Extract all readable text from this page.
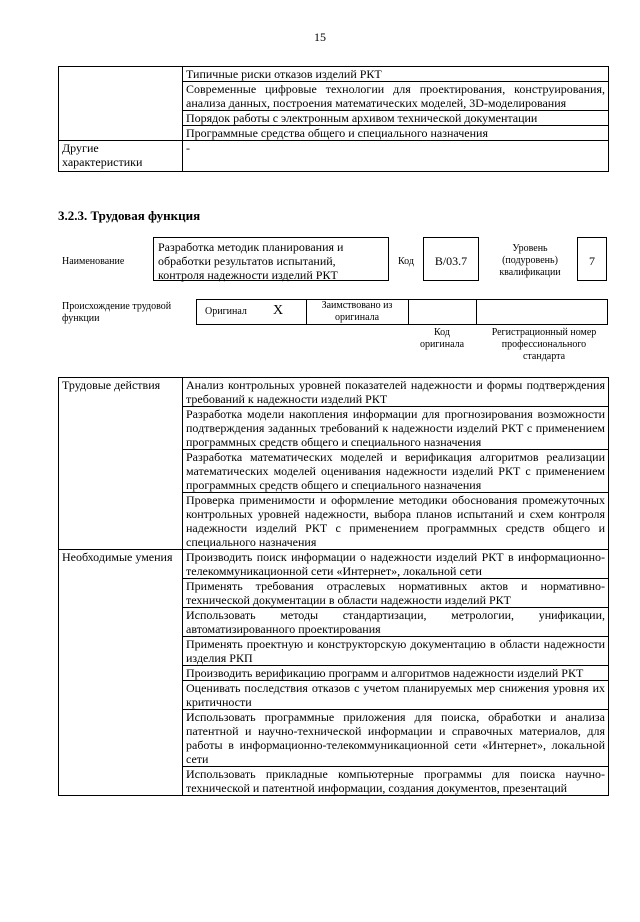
15
	Типичные риски отказов изделий РКТ
	Современные цифровые технологии для проектирования, конструирования, анализа данных, построения математических моделей, 3D-моделирования
	Порядок работы с электронным архивом технической документации
	Программные средства общего и специального назначения
Другие характеристики	-
3.2.3. Трудовая функция
Наименование
Разработка методик планирования и обработки результатов испытаний, контроля надежности изделий РКТ
Код	B/03.7
Уровень (подуровень) квалификации
7
Происхождение трудовой функции
Оригинал X	Заимствовано из оригинала
Код оригинала
Регистрационный номер профессионального стандарта
Трудовые действия	Анализ контрольных уровней показателей надежности и формы подтверждения требований к надежности изделий РКТ
	Разработка модели накопления информации для прогнозирования возможности подтверждения заданных требований к надежности изделий РКТ с применением программных средств общего и специального назначения
	Разработка математических моделей и верификация алгоритмов реализации математических моделей оценивания надежности изделий РКТ с применением программных средств общего и специального назначения
	Проверка применимости и оформление методики обоснования промежуточных контрольных уровней надежности, выбора планов испытаний и схем контроля надежности изделий РКТ с применением программных средств общего и специального назначения
Необходимые умения	Производить поиск информации о надежности изделий РКТ в информационно-телекоммуникационной сети «Интернет», локальной сети
	Применять требования отраслевых нормативных актов и нормативно-технической документации в области надежности изделий РКТ
	Использовать методы стандартизации, метрологии, унификации, автоматизированного проектирования
	Применять проектную и конструкторскую документацию в области надежности изделия РКП
	Производить верификацию программ и алгоритмов надежности изделий РКТ
	Оценивать последствия отказов с учетом планируемых мер снижения уровня их критичности
	Использовать программные приложения для поиска, обработки и анализа патентной и научно-технической информации и справочных материалов, для работы в информационно-телекоммуникационной сети «Интернет», локальной сети
	Использовать прикладные компьютерные программы для поиска научно-технической и патентной информации, создания документов, презентаций
